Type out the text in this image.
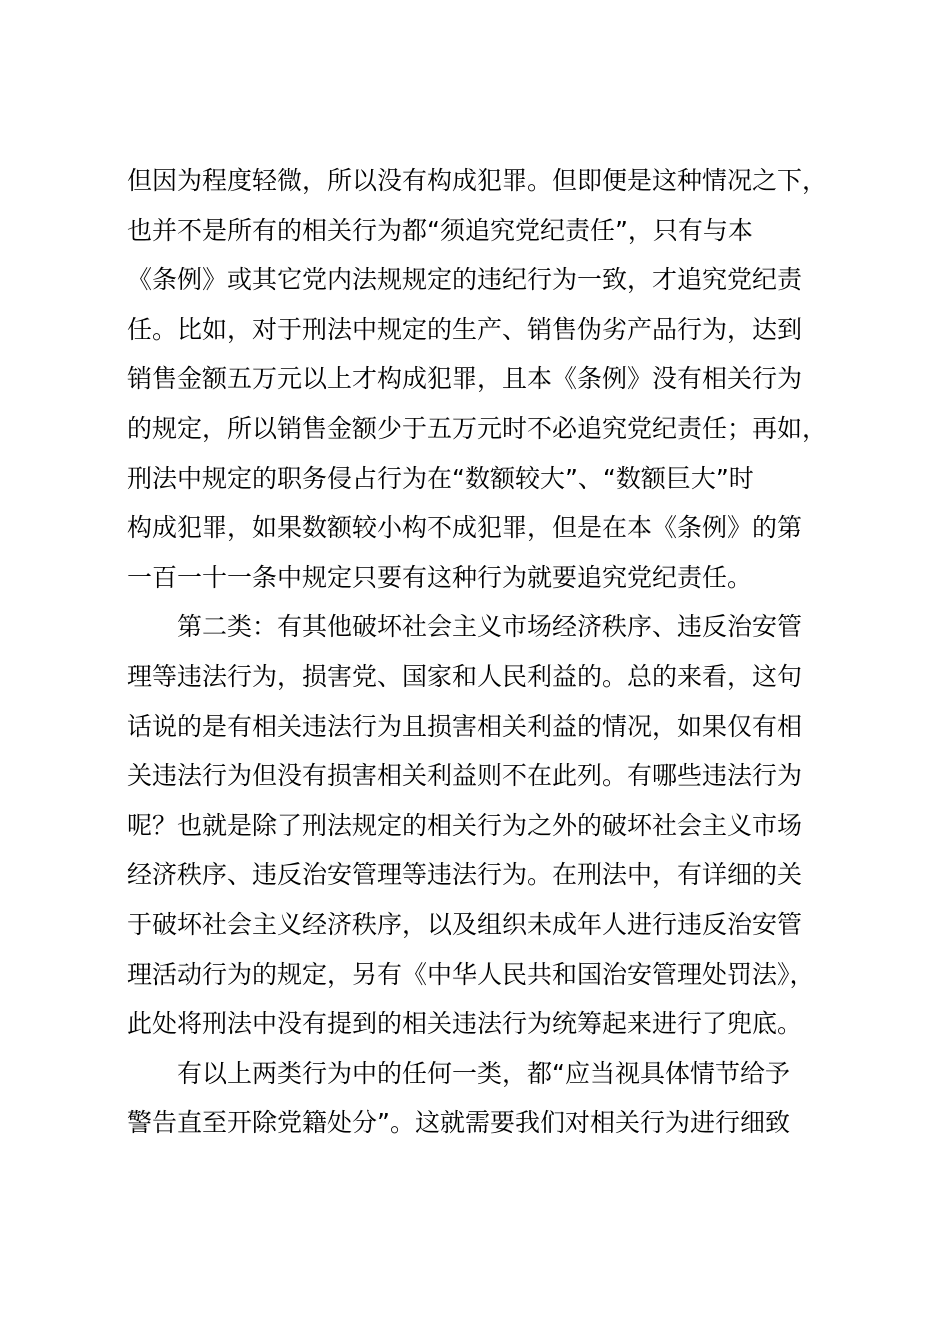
但因为程度轻微，所以没有构成犯罪。但即便是这种情况之下，
也并不是所有的相关行为都“须追究党纪责任”，只有与本
《条例》或其它党内法规规定的违纪行为一致，才追究党纪责
任。比如，对于刑法中规定的生产、销售伪劣产品行为，达到
销售金额五万元以上才构成犯罪，且本《条例》没有相关行为
的规定，所以销售金额少于五万元时不必追究党纪责任；再如，
刑法中规定的职务侵占行为在“数额较大”、“数额巨大”时
构成犯罪，如果数额较小构不成犯罪，但是在本《条例》的第
一百一十一条中规定只要有这种行为就要追究党纪责任。
第二类：有其他破坏社会主义市场经济秩序、违反治安管
理等违法行为，损害党、国家和人民利益的。总的来看，这句
话说的是有相关违法行为且损害相关利益的情况，如果仅有相
关违法行为但没有损害相关利益则不在此列。有哪些违法行为
呢？也就是除了刑法规定的相关行为之外的破坏社会主义市场
经济秩序、违反治安管理等违法行为。在刑法中，有详细的关
于破坏社会主义经济秩序，以及组织未成年人进行违反治安管
理活动行为的规定，另有《中华人民共和国治安管理处罚法》，
此处将刑法中没有提到的相关违法行为统筹起来进行了兜底。
有以上两类行为中的任何一类，都“应当视具体情节给予
警告直至开除党籍处分”。这就需要我们对相关行为进行细致
